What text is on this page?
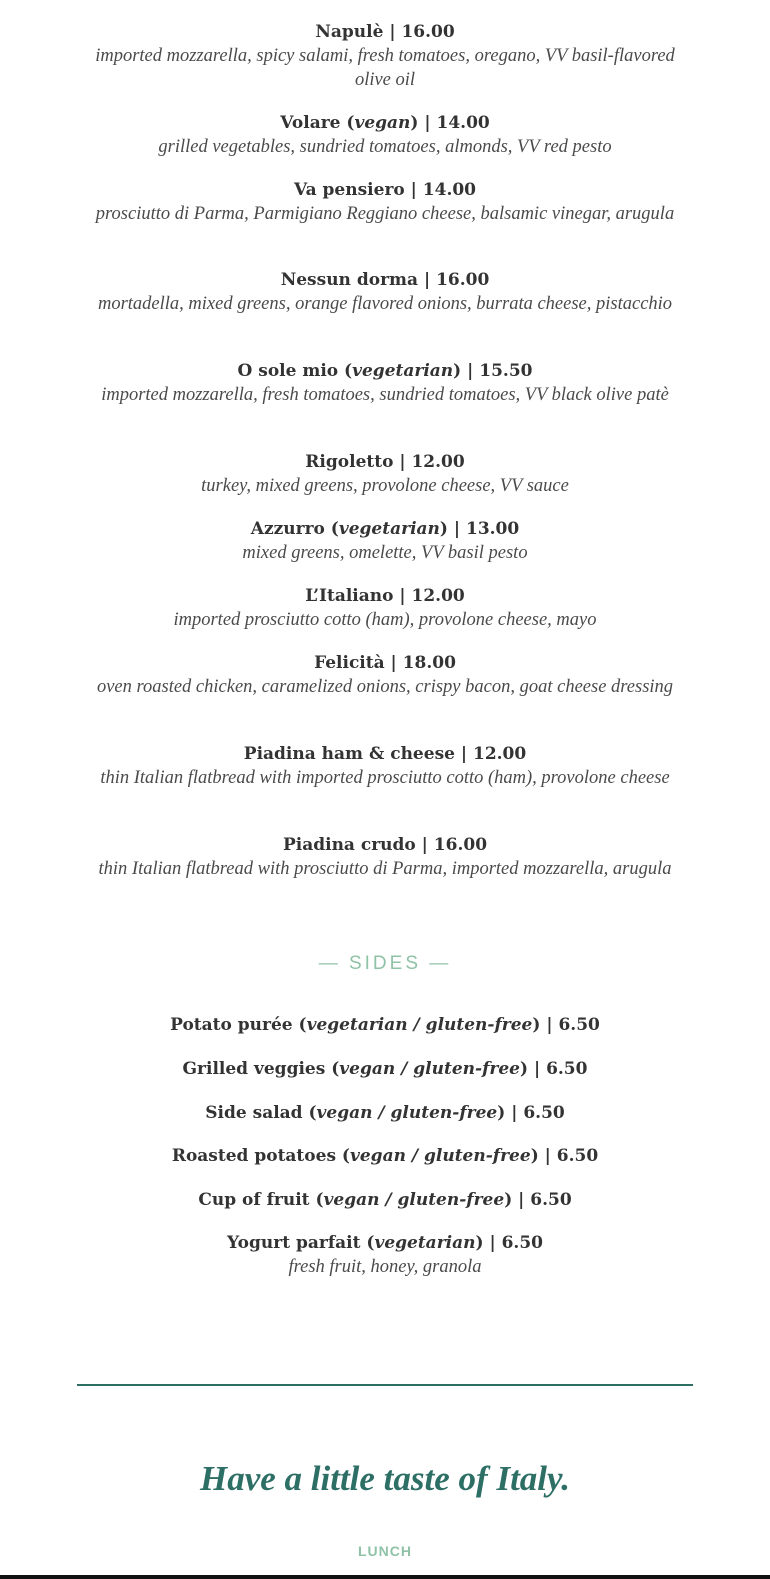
Napulè | 16.00
imported mozzarella, spicy salami, fresh tomatoes, oregano, VV basil-flavored olive oil
Volare (vegan) | 14.00
grilled vegetables, sundried tomatoes, almonds, VV red pesto
Va pensiero | 14.00
prosciutto di Parma, Parmigiano Reggiano cheese, balsamic vinegar, arugula
Nessun dorma | 16.00
mortadella, mixed greens, orange flavored onions, burrata cheese, pistacchio
O sole mio (vegetarian) | 15.50
imported mozzarella, fresh tomatoes, sundried tomatoes, VV black olive patè
Rigoletto | 12.00
turkey, mixed greens, provolone cheese, VV sauce
Azzurro (vegetarian) | 13.00
mixed greens, omelette, VV basil pesto
L’Italiano | 12.00
imported prosciutto cotto (ham), provolone cheese, mayo
Felicità | 18.00
oven roasted chicken, caramelized onions, crispy bacon, goat cheese dressing
Piadina ham & cheese | 12.00
thin Italian flatbread with imported prosciutto cotto (ham), provolone cheese
Piadina crudo | 16.00
thin Italian flatbread with prosciutto di Parma, imported mozzarella, arugula
— SIDES —
Potato purée (vegetarian / gluten-free) | 6.50
Grilled veggies (vegan / gluten-free) | 6.50
Side salad (vegan / gluten-free) | 6.50
Roasted potatoes (vegan / gluten-free) | 6.50
Cup of fruit (vegan / gluten-free) | 6.50
Yogurt parfait (vegetarian) | 6.50
fresh fruit, honey, granola
Have a little taste of Italy.
LUNCH
